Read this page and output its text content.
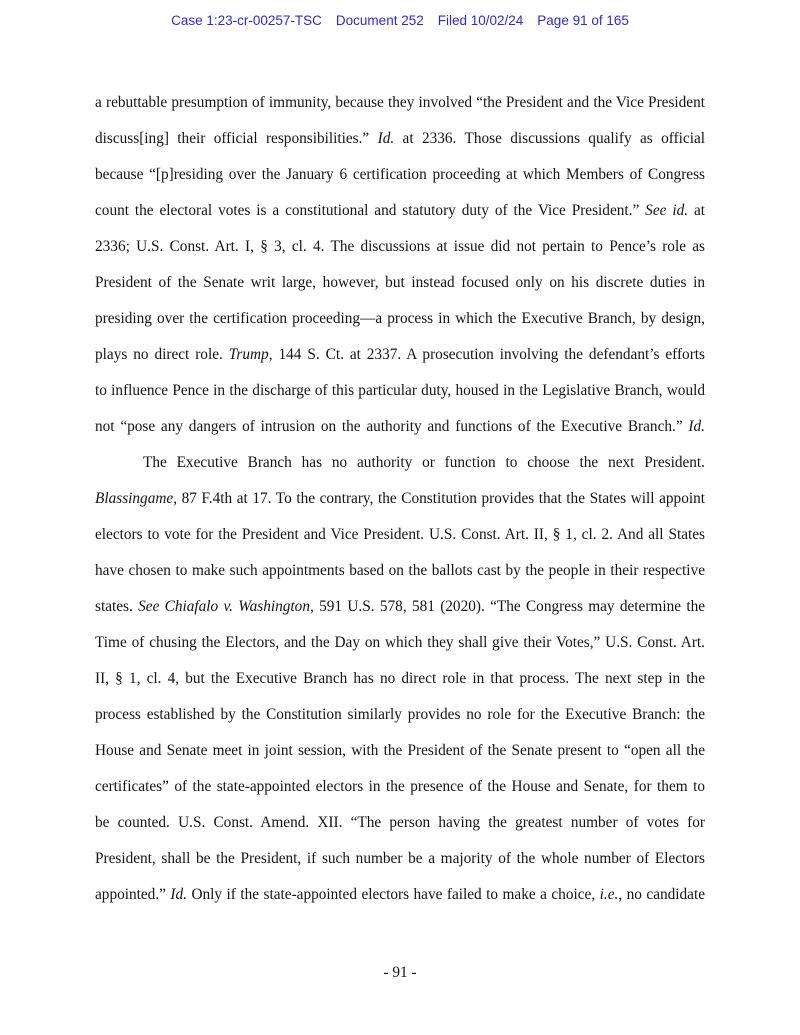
Case 1:23-cr-00257-TSC Document 252 Filed 10/02/24 Page 91 of 165
a rebuttable presumption of immunity, because they involved “the President and the Vice President
discuss[ing] their official responsibilities.” Id. at 2336. Those discussions qualify as official
because “[p]residing over the January 6 certification proceeding at which Members of Congress
count the electoral votes is a constitutional and statutory duty of the Vice President.” See id. at
2336; U.S. Const. Art. I, § 3, cl. 4. The discussions at issue did not pertain to Pence’s role as
President of the Senate writ large, however, but instead focused only on his discrete duties in
presiding over the certification proceeding—a process in which the Executive Branch, by design,
plays no direct role. Trump, 144 S. Ct. at 2337. A prosecution involving the defendant’s efforts
to influence Pence in the discharge of this particular duty, housed in the Legislative Branch, would
not “pose any dangers of intrusion on the authority and functions of the Executive Branch.” Id.
The Executive Branch has no authority or function to choose the next President.
Blassingame, 87 F.4th at 17. To the contrary, the Constitution provides that the States will appoint
electors to vote for the President and Vice President. U.S. Const. Art. II, § 1, cl. 2. And all States
have chosen to make such appointments based on the ballots cast by the people in their respective
states. See Chiafalo v. Washington, 591 U.S. 578, 581 (2020). “The Congress may determine the
Time of chusing the Electors, and the Day on which they shall give their Votes,” U.S. Const. Art.
II, § 1, cl. 4, but the Executive Branch has no direct role in that process. The next step in the
process established by the Constitution similarly provides no role for the Executive Branch: the
House and Senate meet in joint session, with the President of the Senate present to “open all the
certificates” of the state-appointed electors in the presence of the House and Senate, for them to
be counted. U.S. Const. Amend. XII. “The person having the greatest number of votes for
President, shall be the President, if such number be a majority of the whole number of Electors
appointed.” Id. Only if the state-appointed electors have failed to make a choice, i.e., no candidate
- 91 -
